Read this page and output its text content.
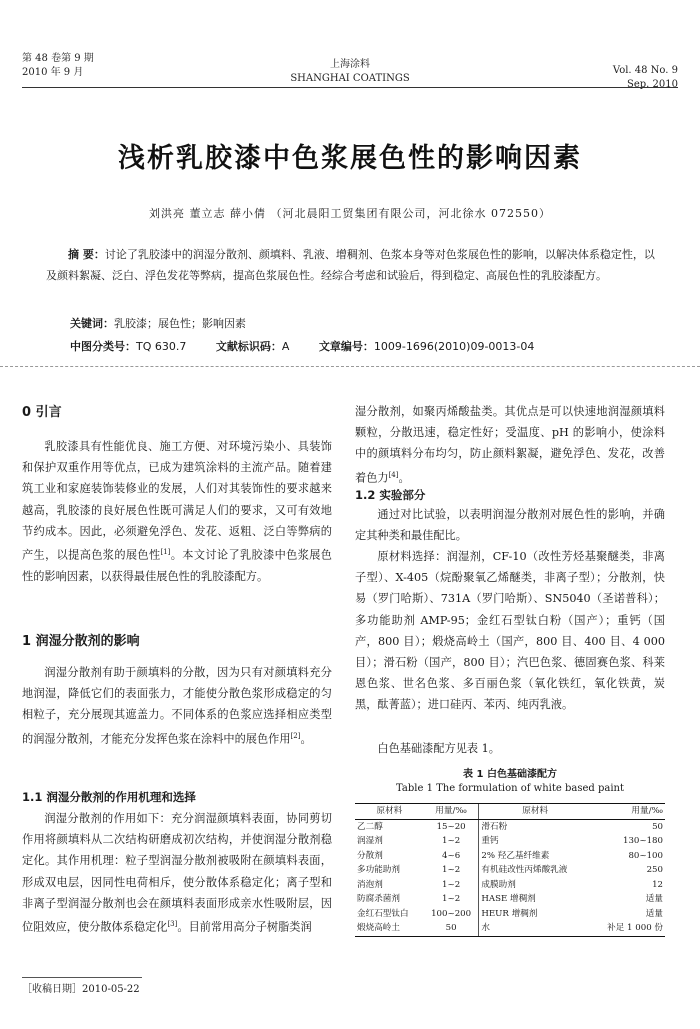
第 48 卷第 9 期
2010 年 9 月
上海涂料
SHANGHAI COATINGS
Vol. 48 No. 9
Sep. 2010
浅析乳胶漆中色浆展色性的影响因素
刘洪亮 董立志 薛小倩 （河北晨阳工贸集团有限公司，河北徐水 072550）
摘 要：讨论了乳胶漆中的润湿分散剂、颜填料、乳液、增稠剂、色浆本身等对色浆展色性的影响，以解决体系稳定性，以及颜料絮凝、泛白、浮色发花等弊病，提高色浆展色性。经综合考虑和试验后，得到稳定、高展色性的乳胶漆配方。
关键词：乳胶漆；展色性；影响因素
中图分类号：TQ 630.7	文献标识码：A	文章编号：1009-1696(2010)09-0013-04
0 引言
乳胶漆具有性能优良、施工方便、对环境污染小、具装饰和保护双重作用等优点，已成为建筑涂料的主流产品。随着建筑工业和家庭装饰装修业的发展，人们对其装饰性的要求越来越高，乳胶漆的良好展色性既可满足人们的要求，又可有效地节约成本。因此，必须避免浮色、发花、返粗、泛白等弊病的产生，以提高色浆的展色性[1]。本文讨论了乳胶漆中色浆展色性的影响因素，以获得最佳展色性的乳胶漆配方。
1 润湿分散剂的影响
润湿分散剂有助于颜填料的分散，因为只有对颜填料充分地润湿，降低它们的表面张力，才能使分散色浆形成稳定的匀相粒子，充分展现其遮盖力。不同体系的色浆应选择相应类型的润湿分散剂，才能充分发挥色浆在涂料中的展色作用[2]。
1.1 润湿分散剂的作用机理和选择
润湿分散剂的作用如下：充分润湿颜填料表面，协同剪切作用将颜填料从二次结构研磨成初次结构，并使润湿分散剂稳定化。其作用机理：粒子型润湿分散剂被吸附在颜填料表面，形成双电层，因同性电荷相斥，使分散体系稳定化；离子型和非离子型润湿分散剂也会在颜填料表面形成亲水性吸附层，因位阻效应，使分散体系稳定化[3]。目前常用高分子树脂类润
湿分散剂，如聚丙烯酸盐类。其优点是可以快速地润湿颜填料颗粒，分散迅速，稳定性好；受温度、pH 的影响小，使涂料中的颜填料分布均匀，防止颜料絮凝，避免浮色、发花，改善着色力[4]。
1.2 实验部分
通过对比试验，以表明润湿分散剂对展色性的影响，并确定其种类和最佳配比。
原材料选择：润湿剂，CF-10（改性芳烃基聚醚类，非离子型）、X-405（烷酚聚氧乙烯醚类，非离子型）；分散剂，快易（罗门哈斯）、731A（罗门哈斯）、SN5040（圣诺普科）；多功能助剂 AMP-95；金红石型钛白粉（国产）；重钙（国产，800 目）；煅烧高岭土（国产，800 目、400 目、4 000 目）；滑石粉（国产，800 目）；汽巴色浆、德固赛色浆、科莱恩色浆、世名色浆、多百丽色浆（氧化铁红，氧化铁黄，炭黑，酞菁蓝）；进口硅丙、苯丙、纯丙乳液。
白色基础漆配方见表 1。
表 1 白色基础漆配方
Table 1 The formulation of white based paint
原材料	用量/‰	原材料	用量/‰
乙二醇	15~20	滑石粉	50
润湿剂	1~2	重钙	130~180
分散剂	4~6	2% 羟乙基纤维素	80~100
多功能助剂	1~2	有机硅改性丙烯酸乳液	250
消泡剂	1~2	成膜助剂	12
防腐杀菌剂	1~2	HASE 增稠剂	适量
金红石型钛白	100~200	HEUR 增稠剂	适量
煅烧高岭土	50	水	补足 1 000 份
［收稿日期］2010-05-22
